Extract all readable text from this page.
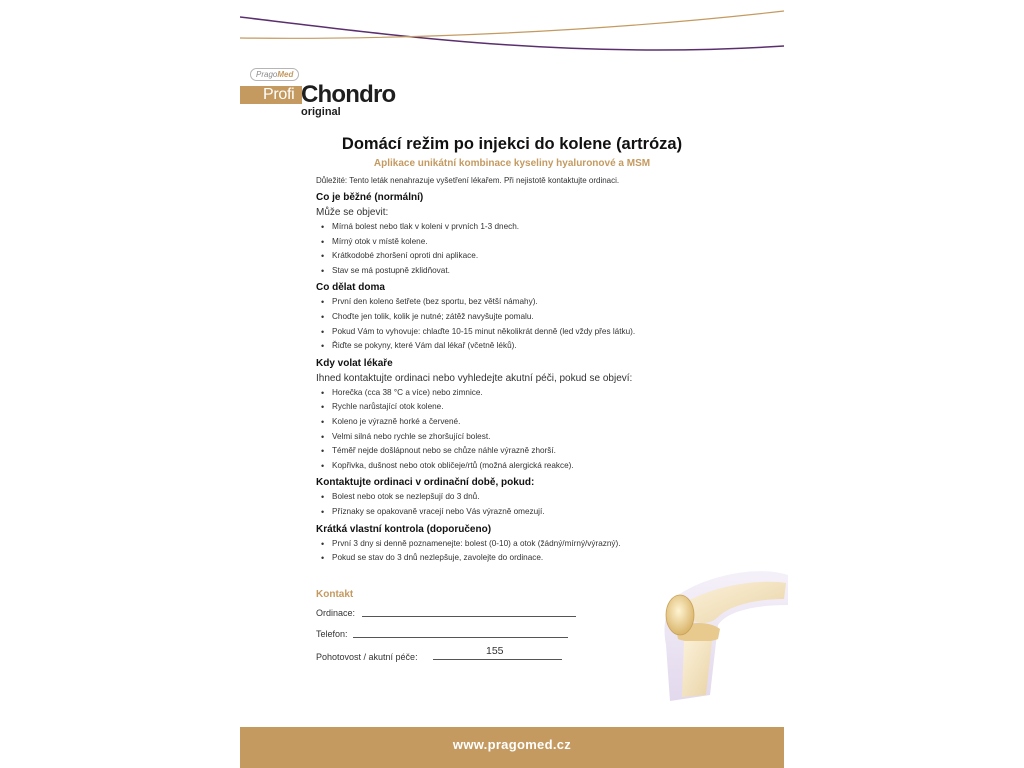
PragoMed
Profi Chondro
original
Domácí režim po injekci do kolene (artróza)
Aplikace unikátní kombinace kyseliny hyaluronové a MSM

Důležité: Tento leták nenahrazuje vyšetření lékařem. Při nejistotě kontaktujte ordinaci.

Co je běžné (normální)

Může se objevit:

• Mírná bolest nebo tlak v koleni v prvních 1-3 dnech.
• Mírný otok v místě kolene.
• Krátkodobé zhoršení oproti dni aplikace.
• Stav se má postupně zklidňovat.

Co dělat doma

• První den koleno šetřete (bez sportu, bez větší námahy).
• Choďte jen tolik, kolik je nutné; zátěž navyšujte pomalu.
• Pokud Vám to vyhovuje: chlaďte 10-15 minut několikrát denně (led vždy přes látku).
• Řiďte se pokyny, které Vám dal lékař (včetně léků).

Kdy volat lékaře

Ihned kontaktujte ordinaci nebo vyhledejte akutní péči, pokud se objeví:

• Horečka (cca 38 °C a více) nebo zimnice.
• Rychle narůstající otok kolene.
• Koleno je výrazně horké a červené.
• Velmi silná nebo rychle se zhoršující bolest.
• Téměř nejde došlápnout nebo se chůze náhle výrazně zhorší.
• Kopřivka, dušnost nebo otok obličeje/rtů (možná alergická reakce).

Kontaktujte ordinaci v ordinační době, pokud:

• Bolest nebo otok se nezlepšují do 3 dnů.
• Příznaky se opakovaně vracejí nebo Vás výrazně omezují.

Krátká vlastní kontrola (doporučeno)

• První 3 dny si denně poznamenejte: bolest (0-10) a otok (žádný/mírný/výrazný).
• Pokud se stav do 3 dnů nezlepšuje, zavolejte do ordinace.
Kontakt
Ordinace:
Telefon:
Pohotovost / akutní péče:	155
www.pragomed.cz
